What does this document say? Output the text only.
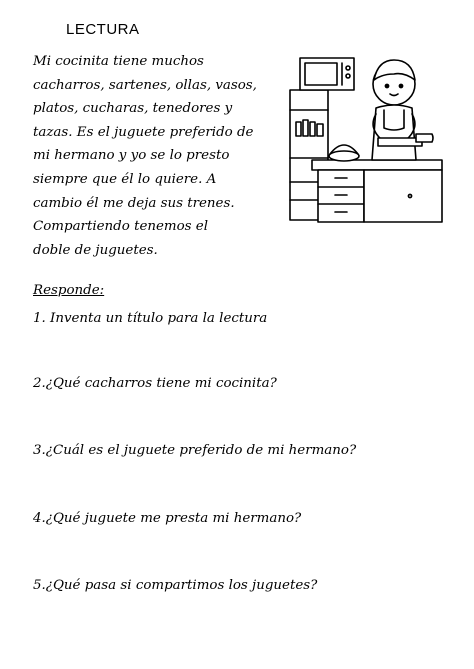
LECTURA

Mi cocinita tiene muchos
cacharros, sartenes, ollas, vasos,
platos, cucharas, tenedores y
tazas. Es el juguete preferido de
mi hermano y yo se lo presto
siempre que él lo quiere. A
cambio él me deja sus trenes.
Compartiendo tenemos el
doble de juguetes.

Responde:
1. Inventa un título para la lectura
2.¿Qué cacharros tiene mi cocinita?
3.¿Cuál es el juguete preferido de mi hermano?
4.¿Qué juguete me presta mi hermano?
5.¿Qué pasa si compartimos los juguetes?
